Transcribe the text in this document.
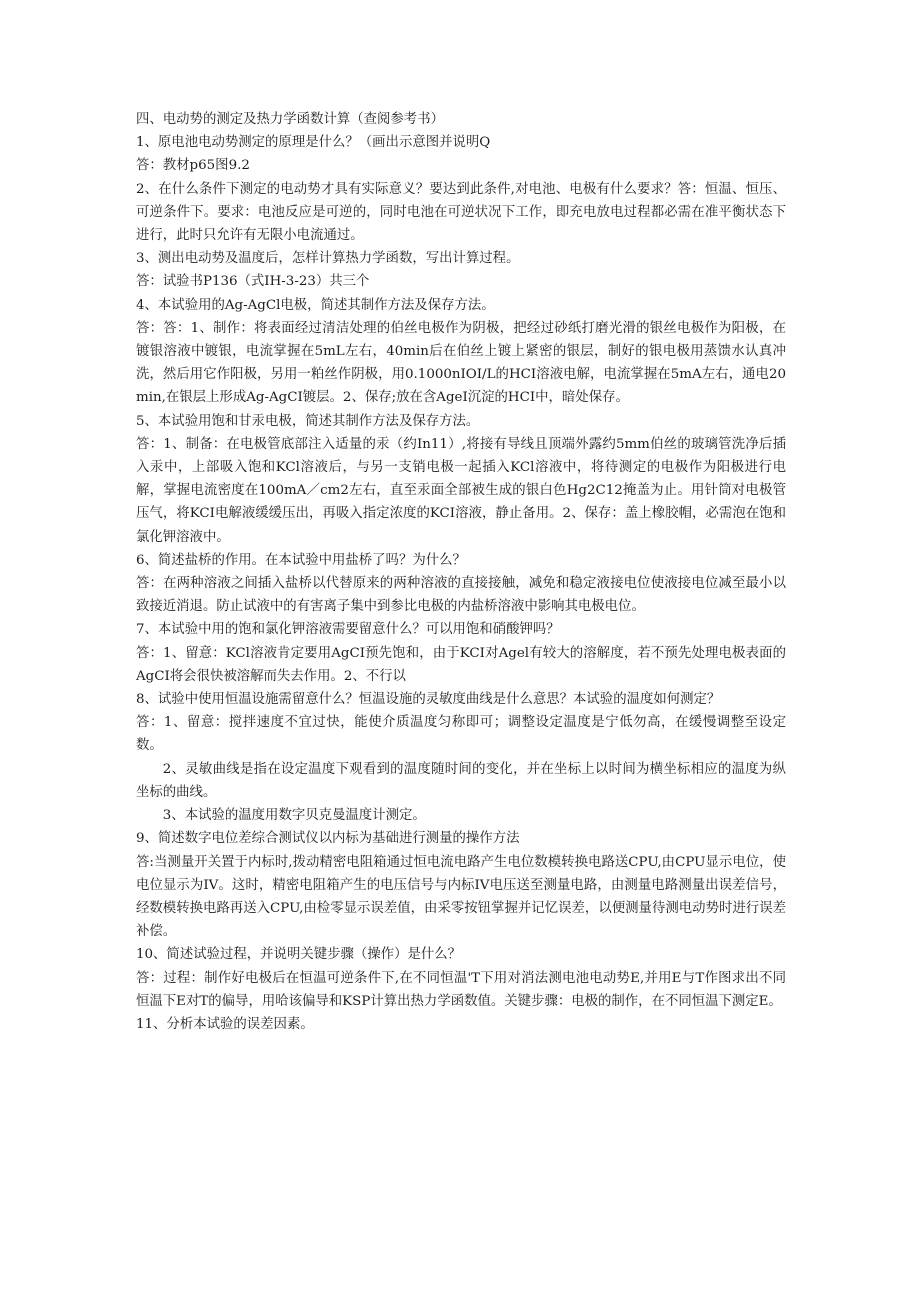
四、电动势的测定及热力学函数计算（查阅参考书）

1、原电池电动势测定的原理是什么？（画出示意图并说明Q

答：教材p65图9.2

2、在什么条件下测定的电动势才具有实际意义？要达到此条件,对电池、电极有什么要求？答：恒温、恒压、可逆条件下。要求：电池反应是可逆的，同时电池在可逆状况下工作，即充电放电过程都必需在准平衡状态下进行，此时只允许有无限小电流通过。

3、测出电动势及温度后，怎样计算热力学函数，写出计算过程。

答：试验书P136（式IH-3-23）共三个

4、本试验用的Ag-AgCl电极，简述其制作方法及保存方法。

答：答：1、制作：将表面经过清洁处理的伯丝电极作为阴极，把经过砂纸打磨光滑的银丝电极作为阳极，在镀银溶液中镀银，电流掌握在5mL左右，40min后在伯丝上镀上紧密的银层，制好的银电极用蒸馈水认真冲洗，然后用它作阳极，另用一粕丝作阴极，用0.1000nIOI/L的HCI溶液电解，电流掌握在5mA左右，通电20min,在银层上形成Ag-AgCI镀层。2、保存;放在含AgeI沉淀的HCI中，暗处保存。

5、本试验用饱和甘汞电极，简述其制作方法及保存方法。

答：1、制备：在电极管底部注入适量的汞（约In11）,将接有导线且顶端外露约5mm伯丝的玻璃管洗净后插入汞中，上部吸入饱和KCl溶液后，与另一支销电极一起插入KCl溶液中，将待测定的电极作为阳极进行电解，掌握电流密度在100mA／cm2左右，直至汞面全部被生成的银白色Hg2C12掩盖为止。用针筒对电极管压气，将KCI电解液缓缓压出，再吸入指定浓度的KCI溶液，静止备用。2、保存：盖上橡胶帽，必需泡在饱和氯化钾溶液中。

6、简述盐桥的作用。在本试验中用盐桥了吗？为什么？

答：在两种溶液之间插入盐桥以代替原来的两种溶液的直接接触，减免和稳定液接电位使液接电位减至最小以致接近消退。防止试液中的有害离子集中到参比电极的内盐桥溶液中影响其电极电位。

7、本试验中用的饱和氯化钾溶液需要留意什么？可以用饱和硝酸钾吗？

答：1、留意：KCl溶液肯定要用AgCI预先饱和，由于KCI对Agel有较大的溶解度，若不预先处理电极表面的AgCI将会很快被溶解而失去作用。2、不行以

8、试验中使用恒温设施需留意什么？恒温设施的灵敏度曲线是什么意思？本试验的温度如何测定？

答：1、留意：搅拌速度不宜过快，能使介质温度匀称即可；调整设定温度是宁低勿高，在缓慢调整至设定数。

2、灵敏曲线是指在设定温度下观看到的温度随时间的变化，并在坐标上以时间为横坐标相应的温度为纵坐标的曲线。

3、本试验的温度用数字贝克曼温度计测定。

9、简述数字电位差综合测试仪以内标为基础进行测量的操作方法

答:当测量开关置于内标时,拨动精密电阻箱通过恒电流电路产生电位数模转换电路送CPU,由CPU显示电位，使电位显示为IV。这时，精密电阻箱产生的电压信号与内标IV电压送至测量电路，由测量电路测量出误差信号，经数模转换电路再送入CPU,由检零显示误差值，由采零按钮掌握并记忆误差，以便测量待测电动势时进行误差补偿。

10、简述试验过程，并说明关键步骤（操作）是什么？

答：过程：制作好电极后在恒温可逆条件下,在不同恒温'T下用对消法测电池电动势E,并用E与T作图求出不同恒温下E对T的偏导，用哈该偏导和KSP计算出热力学函数值。关键步骤：电极的制作，在不同恒温下测定E。

11、分析本试验的误差因素。
